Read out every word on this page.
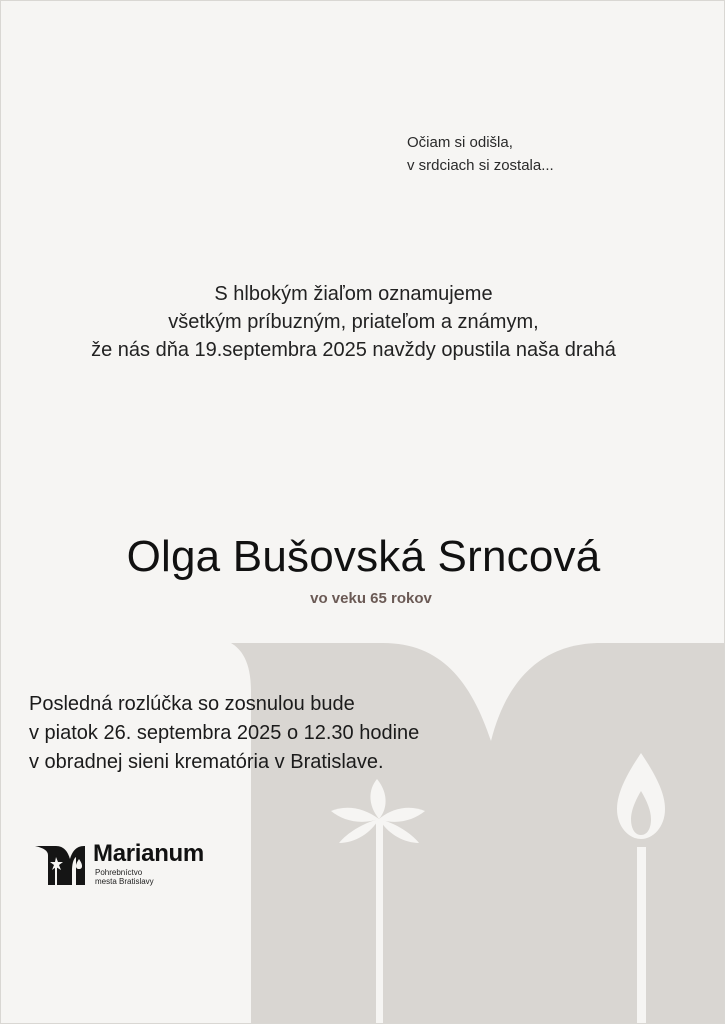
Očiam si odišla,
v srdciach si zostala...
S hlbokým žiaľom oznamujeme
všetkým príbuzným, priateľom a známym,
že nás dňa 19.septembra 2025 navždy opustila naša drahá
Olga Bušovská Srncová
vo veku 65 rokov
Posledná rozlúčka so zosnulou bude
v piatok 26. septembra 2025 o 12.30 hodine
v obradnej sieni krematória v Bratislave.
Marianum
Pohrebníctvo
mesta Bratislavy
